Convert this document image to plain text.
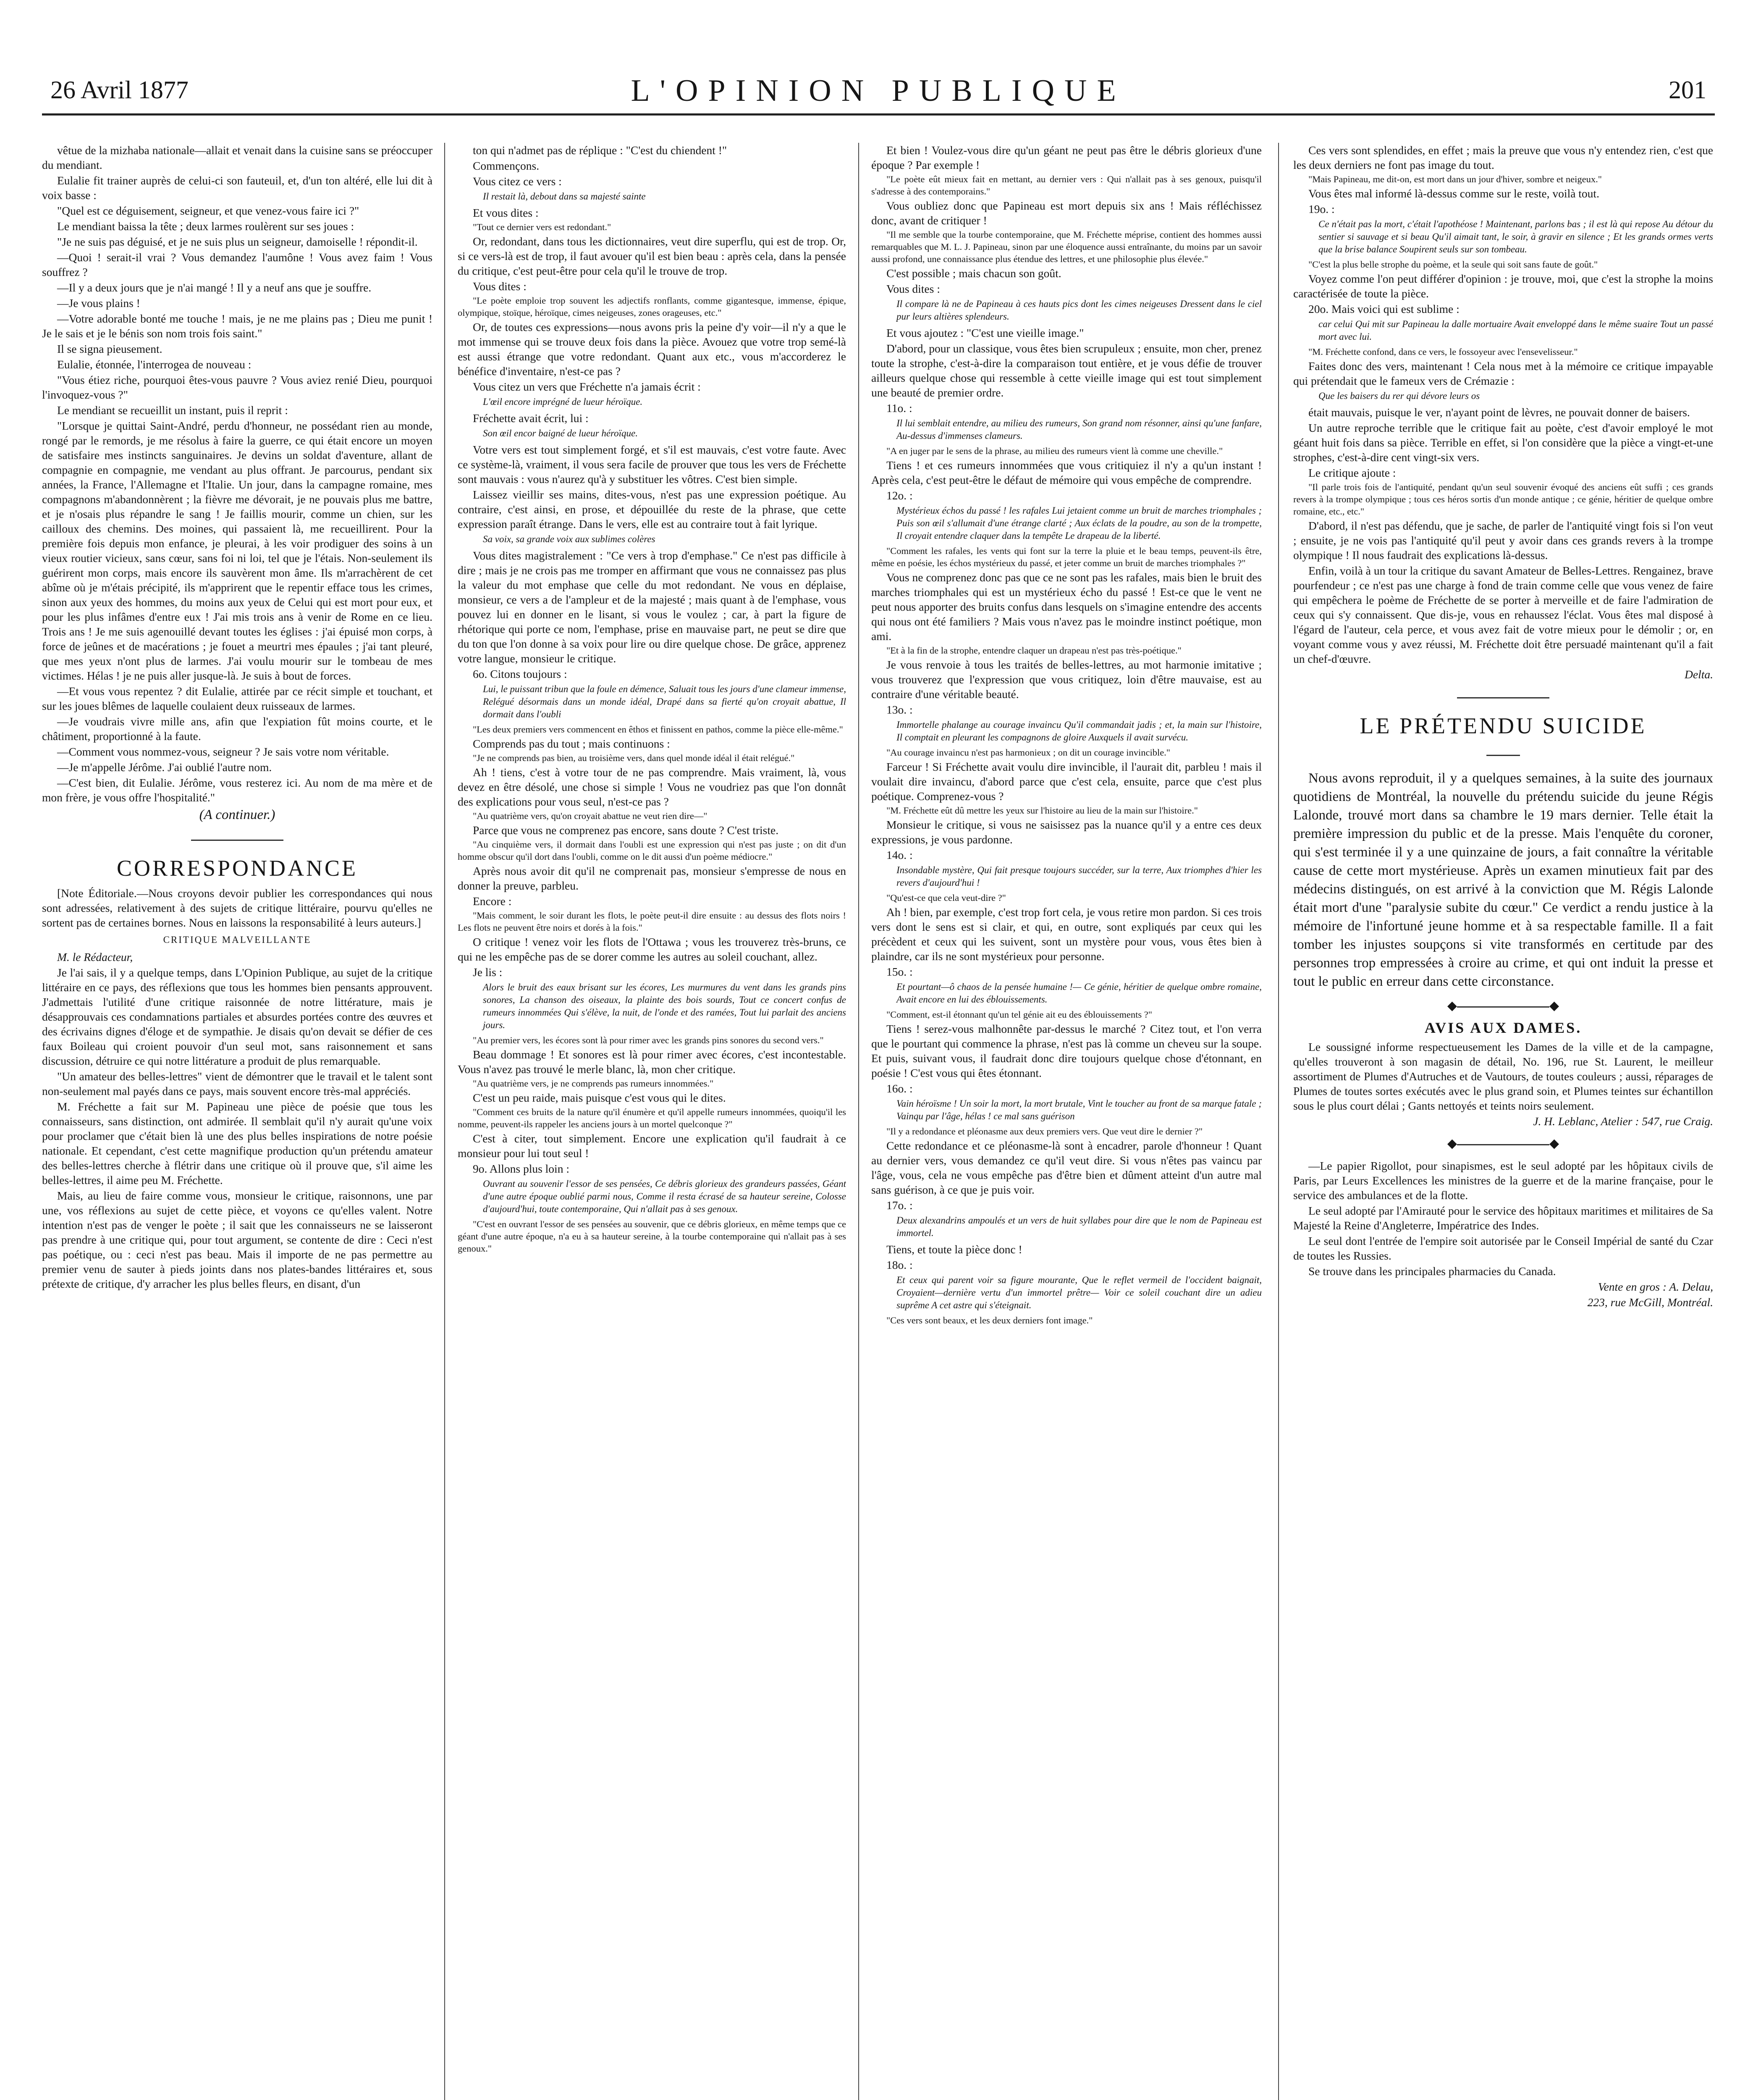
26 Avril 1877	L'OPINION PUBLIQUE	201

vêtue de la mizhaba nationale—allait et venait dans la cuisine sans se préoccuper du mendiant.

Eulalie fit trainer auprès de celui-ci son fauteuil, et, d'un ton altéré, elle lui dit à voix basse :

"Quel est ce déguisement, seigneur, et que venez-vous faire ici ?"

Le mendiant baissa la tête ; deux larmes roulèrent sur ses joues :

"Je ne suis pas déguisé, et je ne suis plus un seigneur, damoiselle ! répondit-il.

—Quoi ! serait-il vrai ? Vous demandez l'aumône ! Vous avez faim ! Vous souffrez ?

—Il y a deux jours que je n'ai mangé ! Il y a neuf ans que je souffre.

—Je vous plains !

—Votre adorable bonté me touche ! mais, je ne me plains pas ; Dieu me punit ! Je le sais et je le bénis son nom trois fois saint."

Il se signa pieusement.

Eulalie, étonnée, l'interrogea de nouveau :

"Vous étiez riche, pourquoi êtes-vous pauvre ? Vous aviez renié Dieu, pourquoi l'invoquez-vous ?"

Le mendiant se recueillit un instant, puis il reprit :

"Lorsque je quittai Saint-André, perdu d'honneur, ne possédant rien au monde, rongé par le remords, je me résolus à faire la guerre, ce qui était encore un moyen de satisfaire mes instincts sanguinaires. Je devins un soldat d'aventure, allant de compagnie en compagnie, me vendant au plus offrant. Je parcourus, pendant six années, la France, l'Allemagne et l'Italie. Un jour, dans la campagne romaine, mes compagnons m'abandonnèrent ; la fièvre me dévorait, je ne pouvais plus me battre, et je n'osais plus répandre le sang ! Je faillis mourir, comme un chien, sur les cailloux des chemins. Des moines, qui passaient là, me recueillirent. Pour la première fois depuis mon enfance, je pleurai, à les voir prodiguer des soins à un vieux routier vicieux, sans cœur, sans foi ni loi, tel que je l'étais. Non-seulement ils guérirent mon corps, mais encore ils sauvèrent mon âme. Ils m'arrachèrent de cet abîme où je m'étais précipité, ils m'apprirent que le repentir efface tous les crimes, sinon aux yeux des hommes, du moins aux yeux de Celui qui est mort pour eux, et pour les plus infâmes d'entre eux ! J'ai mis trois ans à venir de Rome en ce lieu. Trois ans ! Je me suis agenouillé devant toutes les églises : j'ai épuisé mon corps, à force de jeûnes et de macérations ; je fouet a meurtri mes épaules ; j'ai tant pleuré, que mes yeux n'ont plus de larmes. J'ai voulu mourir sur le tombeau de mes victimes. Hélas ! je ne puis aller jusque-là. Je suis à bout de forces.

—Et vous vous repentez ? dit Eulalie, attirée par ce récit simple et touchant, et sur les joues blêmes de laquelle coulaient deux ruisseaux de larmes.

—Je voudrais vivre mille ans, afin que l'expiation fût moins courte, et le châtiment, proportionné à la faute.

—Comment vous nommez-vous, seigneur ? Je sais votre nom véritable.

—Je m'appelle Jérôme. J'ai oublié l'autre nom.

—C'est bien, dit Eulalie. Jérôme, vous resterez ici. Au nom de ma mère et de mon frère, je vous offre l'hospitalité."

(A continuer.)

CORRESPONDANCE

[Note Éditoriale.—Nous croyons devoir publier les correspondances qui nous sont adressées, relativement à des sujets de critique littéraire, pourvu qu'elles ne sortent pas de certaines bornes. Nous en laissons la responsabilité à leurs auteurs.]

CRITIQUE MALVEILLANTE

M. le Rédacteur,

Je l'ai sais, il y a quelque temps, dans L'Opinion Publique, au sujet de la critique littéraire en ce pays, des réflexions que tous les hommes bien pensants approuvent. J'admettais l'utilité d'une critique raisonnée de notre littérature, mais je désapprouvais ces condamnations partiales et absurdes portées contre des œuvres et des écrivains dignes d'éloge et de sympathie. Je disais qu'on devait se défier de ces faux Boileau qui croient pouvoir d'un seul mot, sans raisonnement et sans discussion, détruire ce qui notre littérature a produit de plus remarquable.

"Un amateur des belles-lettres" vient de démontrer que le travail et le talent sont non-seulement mal payés dans ce pays, mais souvent encore très-mal appréciés.

M. Fréchette a fait sur M. Papineau une pièce de poésie que tous les connaisseurs, sans distinction, ont admirée. Il semblait qu'il n'y aurait qu'une voix pour proclamer que c'était bien là une des plus belles inspirations de notre poésie nationale. Et cependant, c'est cette magnifique production qu'un prétendu amateur des belles-lettres cherche à flétrir dans une critique où il prouve que, s'il aime les belles-lettres, il aime peu M. Fréchette.

Mais, au lieu de faire comme vous, monsieur le critique, raisonnons, une par une, vos réflexions au sujet de cette pièce, et voyons ce qu'elles valent. Notre intention n'est pas de venger le poète ; il sait que les connaisseurs ne se laisseront pas prendre à une critique qui, pour tout argument, se contente de dire : Ceci n'est pas poétique, ou : ceci n'est pas beau. Mais il importe de ne pas permettre au premier venu de sauter à pieds joints dans nos plates-bandes littéraires et, sous prétexte de critique, d'y arracher les plus belles fleurs, en disant, d'un

ton qui n'admet pas de réplique : "C'est du chiendent !"

Commençons.

Vous citez ce vers :

Il restait là, debout dans sa majesté sainte

Et vous dites :

"Tout ce dernier vers est redondant."

Or, redondant, dans tous les dictionnaires, veut dire superflu, qui est de trop. Or, si ce vers-là est de trop, il faut avouer qu'il est bien beau : après cela, dans la pensée du critique, c'est peut-être pour cela qu'il le trouve de trop.

Vous dites :

"Le poète emploie trop souvent les adjectifs ronflants, comme gigantesque, immense, épique, olympique, stoïque, héroïque, cimes neigeuses, zones orageuses, etc."

Or, de toutes ces expressions—nous avons pris la peine d'y voir—il n'y a que le mot immense qui se trouve deux fois dans la pièce. Avouez que votre trop semé-là est aussi étrange que votre redondant. Quant aux etc., vous m'accorderez le bénéfice d'inventaire, n'est-ce pas ?

Vous citez un vers que Fréchette n'a jamais écrit :

L'œil encore imprégné de lueur héroïque.

Fréchette avait écrit, lui :

Son œil encor baigné de lueur héroïque.

Votre vers est tout simplement forgé, et s'il est mauvais, c'est votre faute. Avec ce système-là, vraiment, il vous sera facile de prouver que tous les vers de Fréchette sont mauvais : vous n'aurez qu'à y substituer les vôtres. C'est bien simple.

Laissez vieillir ses mains, dites-vous, n'est pas une expression poétique. Au contraire, c'est ainsi, en prose, et dépouillée du reste de la phrase, que cette expression paraît étrange. Dans le vers, elle est au contraire tout à fait lyrique.

Sa voix, sa grande voix aux sublimes colères

Vous dites magistralement : "Ce vers à trop d'emphase." Ce n'est pas difficile à dire ; mais je ne crois pas me tromper en affirmant que vous ne connaissez pas plus la valeur du mot emphase que celle du mot redondant. Ne vous en déplaise, monsieur, ce vers a de l'ampleur et de la majesté ; mais quant à de l'emphase, vous pouvez lui en donner en le lisant, si vous le voulez ; car, à part la figure de rhétorique qui porte ce nom, l'emphase, prise en mauvaise part, ne peut se dire que du ton que l'on donne à sa voix pour lire ou dire quelque chose. De grâce, apprenez votre langue, monsieur le critique.

6o. Citons toujours :

Lui, le puissant tribun que la foule en démence, Saluait tous les jours d'une clameur immense, Relégué désormais dans un monde idéal, Drapé dans sa fierté qu'on croyait abattue, Il dormait dans l'oubli

"Les deux premiers vers commencent en êthos et finissent en pathos, comme la pièce elle-même."

Comprends pas du tout ; mais continuons :

"Je ne comprends pas bien, au troisième vers, dans quel monde idéal il était relégué."

Ah ! tiens, c'est à votre tour de ne pas comprendre. Mais vraiment, là, vous devez en être désolé, une chose si simple ! Vous ne voudriez pas que l'on donnât des explications pour vous seul, n'est-ce pas ?

"Au quatrième vers, qu'on croyait abattue ne veut rien dire—"

Parce que vous ne comprenez pas encore, sans doute ? C'est triste.

"Au cinquième vers, il dormait dans l'oubli est une expression qui n'est pas juste ; on dit d'un homme obscur qu'il dort dans l'oubli, comme on le dit aussi d'un poème médiocre."

Après nous avoir dit qu'il ne comprenait pas, monsieur s'empresse de nous en donner la preuve, parbleu.

Encore :

"Mais comment, le soir durant les flots, le poète peut-il dire ensuite : au dessus des flots noirs ! Les flots ne peuvent être noirs et dorés à la fois."

O critique ! venez voir les flots de l'Ottawa ; vous les trouverez très-bruns, ce qui ne les empêche pas de se dorer comme les autres au soleil couchant, allez.

Je lis :

Alors le bruit des eaux brisant sur les écores, Les murmures du vent dans les grands pins sonores, La chanson des oiseaux, la plainte des bois sourds, Tout ce concert confus de rumeurs innommées Qui s'élève, la nuit, de l'onde et des ramées, Tout lui parlait des anciens jours.

"Au premier vers, les écores sont là pour rimer avec les grands pins sonores du second vers."

Beau dommage ! Et sonores est là pour rimer avec écores, c'est incontestable. Vous n'avez pas trouvé le merle blanc, là, mon cher critique.

"Au quatrième vers, je ne comprends pas rumeurs innommées."

C'est un peu raide, mais puisque c'est vous qui le dites.

"Comment ces bruits de la nature qu'il énumère et qu'il appelle rumeurs innommées, quoiqu'il les nomme, peuvent-ils rappeler les anciens jours à un mortel quelconque ?"

C'est à citer, tout simplement. Encore une explication qu'il faudrait à ce monsieur pour lui tout seul !

9o. Allons plus loin :

Ouvrant au souvenir l'essor de ses pensées, Ce débris glorieux des grandeurs passées, Géant d'une autre époque oublié parmi nous, Comme il resta écrasé de sa hauteur sereine, Colosse d'aujourd'hui, toute contemporaine, Qui n'allait pas à ses genoux.

"C'est en ouvrant l'essor de ses pensées au souvenir, que ce débris glorieux, en même temps que ce géant d'une autre époque, n'a eu à sa hauteur sereine, à la tourbe contemporaine qui n'allait pas à ses genoux."

Et bien ! Voulez-vous dire qu'un géant ne peut pas être le débris glorieux d'une époque ? Par exemple !

"Le poète eût mieux fait en mettant, au dernier vers : Qui n'allait pas à ses genoux, puisqu'il s'adresse à des contemporains."

Vous oubliez donc que Papineau est mort depuis six ans ! Mais réfléchissez donc, avant de critiquer !

"Il me semble que la tourbe contemporaine, que M. Fréchette méprise, contient des hommes aussi remarquables que M. L. J. Papineau, sinon par une éloquence aussi entraînante, du moins par un savoir aussi profond, une connaissance plus étendue des lettres, et une philosophie plus élevée."

C'est possible ; mais chacun son goût.

Vous dites :

Il compare là ne de Papineau à ces hauts pics dont les cimes neigeuses Dressent dans le ciel pur leurs altières splendeurs.

Et vous ajoutez : "C'est une vieille image."

D'abord, pour un classique, vous êtes bien scrupuleux ; ensuite, mon cher, prenez toute la strophe, c'est-à-dire la comparaison tout entière, et je vous défie de trouver ailleurs quelque chose qui ressemble à cette vieille image qui est tout simplement une beauté de premier ordre.

11o. :

Il lui semblait entendre, au milieu des rumeurs, Son grand nom résonner, ainsi qu'une fanfare, Au-dessus d'immenses clameurs.

"A en juger par le sens de la phrase, au milieu des rumeurs vient là comme une cheville."

Tiens ! et ces rumeurs innommées que vous critiquiez il n'y a qu'un instant ! Après cela, c'est peut-être le défaut de mémoire qui vous empêche de comprendre.

12o. :

Mystérieux échos du passé ! les rafales Lui jetaient comme un bruit de marches triomphales ; Puis son œil s'allumait d'une étrange clarté ; Aux éclats de la poudre, au son de la trompette, Il croyait entendre claquer dans la tempête Le drapeau de la liberté.

"Comment les rafales, les vents qui font sur la terre la pluie et le beau temps, peuvent-ils être, même en poésie, les échos mystérieux du passé, et jeter comme un bruit de marches triomphales ?"

Vous ne comprenez donc pas que ce ne sont pas les rafales, mais bien le bruit des marches triomphales qui est un mystérieux écho du passé ! Est-ce que le vent ne peut nous apporter des bruits confus dans lesquels on s'imagine entendre des accents qui nous ont été familiers ? Mais vous n'avez pas le moindre instinct poétique, mon ami.

"Et à la fin de la strophe, entendre claquer un drapeau n'est pas très-poétique."

Je vous renvoie à tous les traités de belles-lettres, au mot harmonie imitative ; vous trouverez que l'expression que vous critiquez, loin d'être mauvaise, est au contraire d'une véritable beauté.

13o. :

Immortelle phalange au courage invaincu Qu'il commandait jadis ; et, la main sur l'histoire, Il comptait en pleurant les compagnons de gloire Auxquels il avait survécu.

"Au courage invaincu n'est pas harmonieux ; on dit un courage invincible."

Farceur ! Si Fréchette avait voulu dire invincible, il l'aurait dit, parbleu ! mais il voulait dire invaincu, d'abord parce que c'est cela, ensuite, parce que c'est plus poétique. Comprenez-vous ?

"M. Fréchette eût dû mettre les yeux sur l'histoire au lieu de la main sur l'histoire."

Monsieur le critique, si vous ne saisissez pas la nuance qu'il y a entre ces deux expressions, je vous pardonne.

14o. :

Insondable mystère, Qui fait presque toujours succéder, sur la terre, Aux triomphes d'hier les revers d'aujourd'hui !

"Qu'est-ce que cela veut-dire ?"

Ah ! bien, par exemple, c'est trop fort cela, je vous retire mon pardon. Si ces trois vers dont le sens est si clair, et qui, en outre, sont expliqués par ceux qui les précèdent et ceux qui les suivent, sont un mystère pour vous, vous êtes bien à plaindre, car ils ne sont mystérieux pour personne.

15o. :

Et pourtant—ô chaos de la pensée humaine !— Ce génie, héritier de quelque ombre romaine, Avait encore en lui des éblouissements.

"Comment, est-il étonnant qu'un tel génie ait eu des éblouissements ?"

Tiens ! serez-vous malhonnête par-dessus le marché ? Citez tout, et l'on verra que le pourtant qui commence la phrase, n'est pas là comme un cheveu sur la soupe. Et puis, suivant vous, il faudrait donc dire toujours quelque chose d'étonnant, en poésie ! C'est vous qui êtes étonnant.

16o. :

Vain héroïsme ! Un soir la mort, la mort brutale, Vint le toucher au front de sa marque fatale ; Vainqu par l'âge, hélas ! ce mal sans guérison

"Il y a redondance et pléonasme aux deux premiers vers. Que veut dire le dernier ?"

Cette redondance et ce pléonasme-là sont à encadrer, parole d'honneur ! Quant au dernier vers, vous demandez ce qu'il veut dire. Si vous n'êtes pas vaincu par l'âge, vous, cela ne vous empêche pas d'être bien et dûment atteint d'un autre mal sans guérison, à ce que je puis voir.

17o. :

Deux alexandrins ampoulés et un vers de huit syllabes pour dire que le nom de Papineau est immortel.

Tiens, et toute la pièce donc !

18o. :

Et ceux qui parent voir sa figure mourante, Que le reflet vermeil de l'occident baignait, Croyaient—dernière vertu d'un immortel prêtre— Voir ce soleil couchant dire un adieu suprême A cet astre qui s'éteignait.

"Ces vers sont beaux, et les deux derniers font image."

Ces vers sont splendides, en effet ; mais la preuve que vous n'y entendez rien, c'est que les deux derniers ne font pas image du tout.

"Mais Papineau, me dit-on, est mort dans un jour d'hiver, sombre et neigeux."

Vous êtes mal informé là-dessus comme sur le reste, voilà tout.

19o. :

Ce n'était pas la mort, c'était l'apothéose ! Maintenant, parlons bas ; il est là qui repose Au détour du sentier si sauvage et si beau Qu'il aimait tant, le soir, à gravir en silence ; Et les grands ormes verts que la brise balance Soupirent seuls sur son tombeau.

"C'est la plus belle strophe du poème, et la seule qui soit sans faute de goût."

Voyez comme l'on peut différer d'opinion : je trouve, moi, que c'est la strophe la moins caractérisée de toute la pièce.

20o. Mais voici qui est sublime :

car celui Qui mit sur Papineau la dalle mortuaire Avait enveloppé dans le même suaire Tout un passé mort avec lui.

"M. Fréchette confond, dans ce vers, le fossoyeur avec l'ensevelisseur."

Faites donc des vers, maintenant ! Cela nous met à la mémoire ce critique impayable qui prétendait que le fameux vers de Crémazie :

Que les baisers du rer qui dévore leurs os

était mauvais, puisque le ver, n'ayant point de lèvres, ne pouvait donner de baisers.

Un autre reproche terrible que le critique fait au poète, c'est d'avoir employé le mot géant huit fois dans sa pièce. Terrible en effet, si l'on considère que la pièce a vingt-et-une strophes, c'est-à-dire cent vingt-six vers.

Le critique ajoute :

"Il parle trois fois de l'antiquité, pendant qu'un seul souvenir évoqué des anciens eût suffi ; ces grands revers à la trompe olympique ; tous ces héros sortis d'un monde antique ; ce génie, héritier de quelque ombre romaine, etc., etc."

D'abord, il n'est pas défendu, que je sache, de parler de l'antiquité vingt fois si l'on veut ; ensuite, je ne vois pas l'antiquité qu'il peut y avoir dans ces grands revers à la trompe olympique ! Il nous faudrait des explications là-dessus.

Enfin, voilà à un tour la critique du savant Amateur de Belles-Lettres. Rengainez, brave pourfendeur ; ce n'est pas une charge à fond de train comme celle que vous venez de faire qui empêchera le poème de Fréchette de se porter à merveille et de faire l'admiration de ceux qui s'y connaissent. Que dis-je, vous en rehaussez l'éclat. Vous êtes mal disposé à l'égard de l'auteur, cela perce, et vous avez fait de votre mieux pour le démolir ; or, en voyant comme vous y avez réussi, M. Fréchette doit être persuadé maintenant qu'il a fait un chef-d'œuvre.

Delta.

LE PRÉTENDU SUICIDE

Nous avons reproduit, il y a quelques semaines, à la suite des journaux quotidiens de Montréal, la nouvelle du prétendu suicide du jeune Régis Lalonde, trouvé mort dans sa chambre le 19 mars dernier. Telle était la première impression du public et de la presse. Mais l'enquête du coroner, qui s'est terminée il y a une quinzaine de jours, a fait connaître la véritable cause de cette mort mystérieuse. Après un examen minutieux fait par des médecins distingués, on est arrivé à la conviction que M. Régis Lalonde était mort d'une "paralysie subite du cœur." Ce verdict a rendu justice à la mémoire de l'infortuné jeune homme et à sa respectable famille. Il a fait tomber les injustes soupçons si vite transformés en certitude par des personnes trop empressées à croire au crime, et qui ont induit la presse et tout le public en erreur dans cette circonstance.

◆	◆
AVIS AUX DAMES.

Le soussigné informe respectueusement les Dames de la ville et de la campagne, qu'elles trouveront à son magasin de détail, No. 196, rue St. Laurent, le meilleur assortiment de Plumes d'Autruches et de Vautours, de toutes couleurs ; aussi, réparages de Plumes de toutes sortes exécutés avec le plus grand soin, et Plumes teintes sur échantillon sous le plus court délai ; Gants nettoyés et teints noirs seulement.

J. H. Leblanc, Atelier : 547, rue Craig.

◆	◆

—Le papier Rigollot, pour sinapismes, est le seul adopté par les hôpitaux civils de Paris, par Leurs Excellences les ministres de la guerre et de la marine française, pour le service des ambulances et de la flotte.

Le seul adopté par l'Amirauté pour le service des hôpitaux maritimes et militaires de Sa Majesté la Reine d'Angleterre, Impératrice des Indes.

Le seul dont l'entrée de l'empire soit autorisée par le Conseil Impérial de santé du Czar de toutes les Russies.

Se trouve dans les principales pharmacies du Canada.

Vente en gros : A. Delau,

223, rue McGill, Montréal.
